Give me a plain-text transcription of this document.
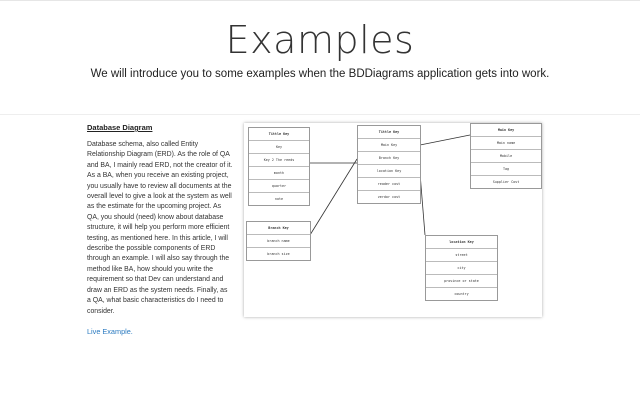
Examples

We will introduce you to some examples when the BDDiagrams application gets into work.

Database Diagram

Database schema, also called Entity Relationship Diagram (ERD). As the role of QA and BA, I mainly read ERD, not the creator of it. As a BA, when you receive an existing project, you usually have to review all documents at the overall level to give a look at the system as well as the estimate for the upcoming project. As QA, you should (need) know about database structure, it will help you perform more efficient testing, as mentioned here. In this article, I will describe the possible components of ERD through an example. I will also say through the method like BA, how should you write the requirement so that Dev can understand and draw an ERD as the system needs. Finally, as a QA, what basic characteristics do I need to consider.

Live Example.
Tittle Key
Key
Key 2 The reeds
month
quarter
note
Tittle Key
Main Key
Branch Key
location Key
reader cost
verdor cost
Main Key
Main name
Mobile
Tag
Supplier Cost
Branch Key
branch name
branch size
location Key
street
city
province or state
country
